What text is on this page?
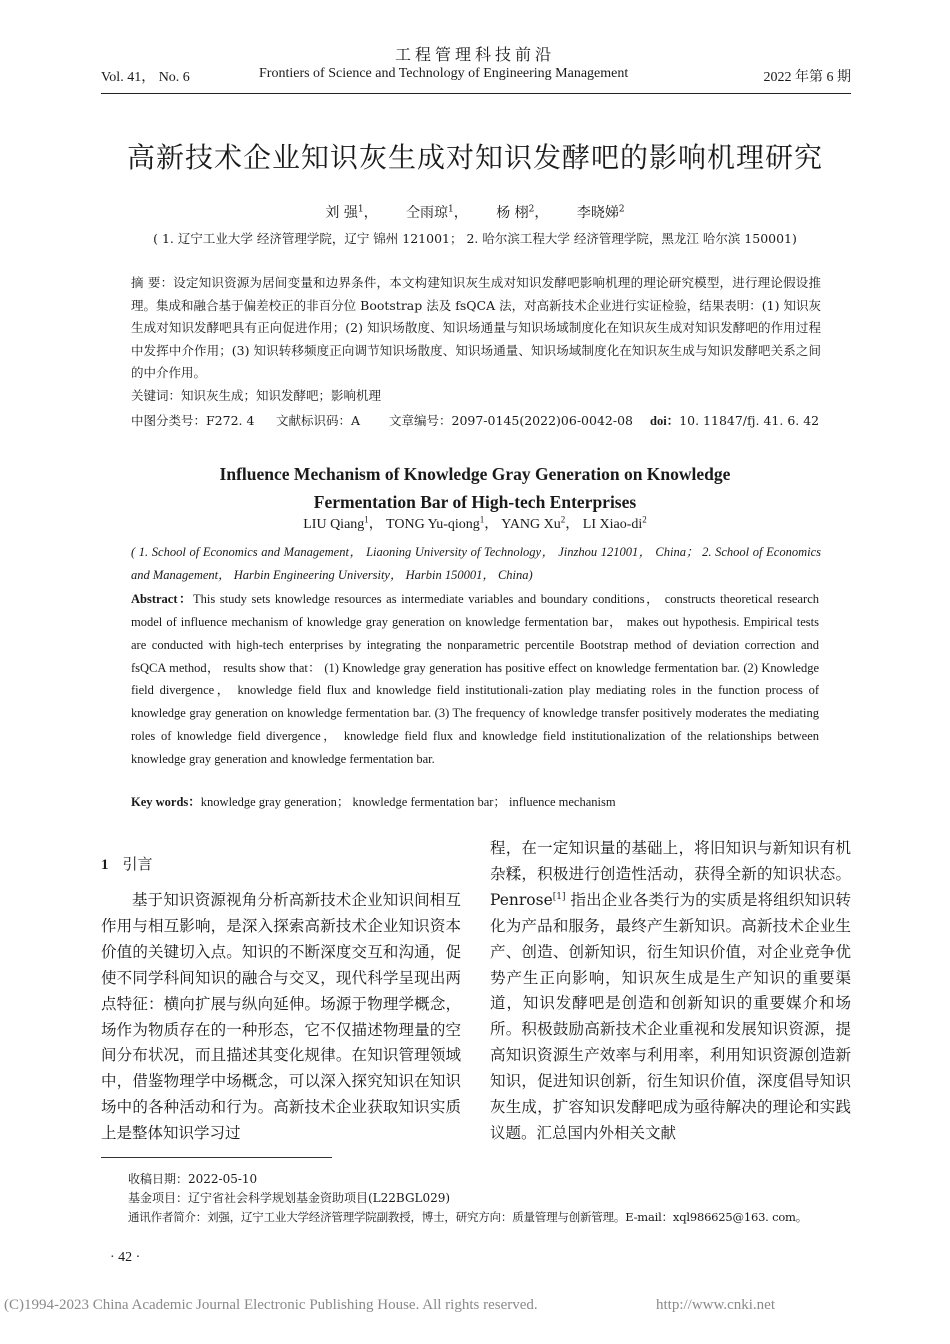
工程管理科技前沿
Vol. 41， No. 6	Frontiers of Science and Technology of Engineering Management	2022 年第 6 期
高新技术企业知识灰生成对知识发酵吧的影响机理研究
刘 强$^1$， 仝雨琼$^1$， 杨 栩$^2$， 李晓娣$^2$
( 1. 辽宁工业大学 经济管理学院，辽宁 锦州 121001； 2. 哈尔滨工程大学 经济管理学院，黑龙江 哈尔滨 150001)
摘 要：设定知识资源为居间变量和边界条件，本文构建知识灰生成对知识发酵吧影响机理的理论研究模型，进行理论假设推理。集成和融合基于偏差校正的非百分位 Bootstrap 法及 fsQCA 法，对高新技术企业进行实证检验，结果表明：(1) 知识灰生成对知识发酵吧具有正向促进作用；(2) 知识场散度、知识场通量与知识场域制度化在知识灰生成对知识发酵吧的作用过程中发挥中介作用；(3) 知识转移频度正向调节知识场散度、知识场通量、知识场域制度化在知识灰生成与知识发酵吧关系之间的中介作用。
关键词：知识灰生成；知识发酵吧；影响机理
中图分类号：F272. 4 文献标识码：A 文章编号：2097-0145(2022)06-0042-08 doi：10. 11847/fj. 41. 6. 42
Influence Mechanism of Knowledge Gray Generation on Knowledge
Fermentation Bar of High-tech Enterprises
LIU Qiang$^1$， TONG Yu-qiong$^1$， YANG Xu$^2$， LI Xiao-$di^2$
( 1. School of Economics and Management， Liaoning University of Technology， Jinzhou 121001， China； 2. School of Economics and Management， Harbin Engineering University， Harbin 150001， China)
Abstract：This study sets knowledge resources as intermediate variables and boundary conditions， constructs theoretical research model of influence mechanism of knowledge gray generation on knowledge fermentation bar， makes out hypothesis. Empirical tests are conducted with high-tech enterprises by integrating the nonparametric percentile Bootstrap method of deviation correction and fsQCA method， results show that： (1) Knowledge gray generation has positive effect on knowledge fermentation bar. (2) Knowledge field divergence， knowledge field flux and knowledge field institutionali-zation play mediating roles in the function process of knowledge gray generation on knowledge fermentation bar. (3) The frequency of knowledge transfer positively moderates the mediating roles of knowledge field divergence， knowledge field flux and knowledge field institutionalization of the relationships between knowledge gray generation and knowledge fermentation bar.
Key words：knowledge gray generation； knowledge fermentation bar； influence mechanism
1 引言
基于知识资源视角分析高新技术企业知识间相互作用与相互影响，是深入探索高新技术企业知识资本价值的关键切入点。知识的不断深度交互和沟通，促使不同学科间知识的融合与交叉，现代科学呈现出两点特征：横向扩展与纵向延伸。场源于物理学概念，场作为物质存在的一种形态，它不仅描述物理量的空间分布状况，而且描述其变化规律。在知识管理领域中，借鉴物理学中场概念，可以深入探究知识在知识场中的各种活动和行为。高新技术企业获取知识实质上是整体知识学习过
程，在一定知识量的基础上，将旧知识与新知识有机杂糅，积极进行创造性活动，获得全新的知识状态。Penrose[1] 指出企业各类行为的实质是将组织知识转化为产品和服务，最终产生新知识。高新技术企业生产、创造、创新知识，衍生知识价值，对企业竞争优势产生正向影响，知识灰生成是生产知识的重要渠道，知识发酵吧是创造和创新知识的重要媒介和场所。积极鼓励高新技术企业重视和发展知识资源，提高知识资源生产效率与利用率，利用知识资源创造新知识，促进知识创新，衍生知识价值，深度倡导知识灰生成，扩容知识发酵吧成为亟待解决的理论和实践议题。汇总国内外相关文献
收稿日期：2022-05-10
基金项目：辽宁省社会科学规划基金资助项目(L22BGL029)
通讯作者简介：刘强，辽宁工业大学经济管理学院副教授，博士，研究方向：质量管理与创新管理。E-mail：xql986625@163. com。
· 42 ·
(C)1994-2023 China Academic Journal Electronic Publishing House. All rights reserved.	http://www.cnki.net
